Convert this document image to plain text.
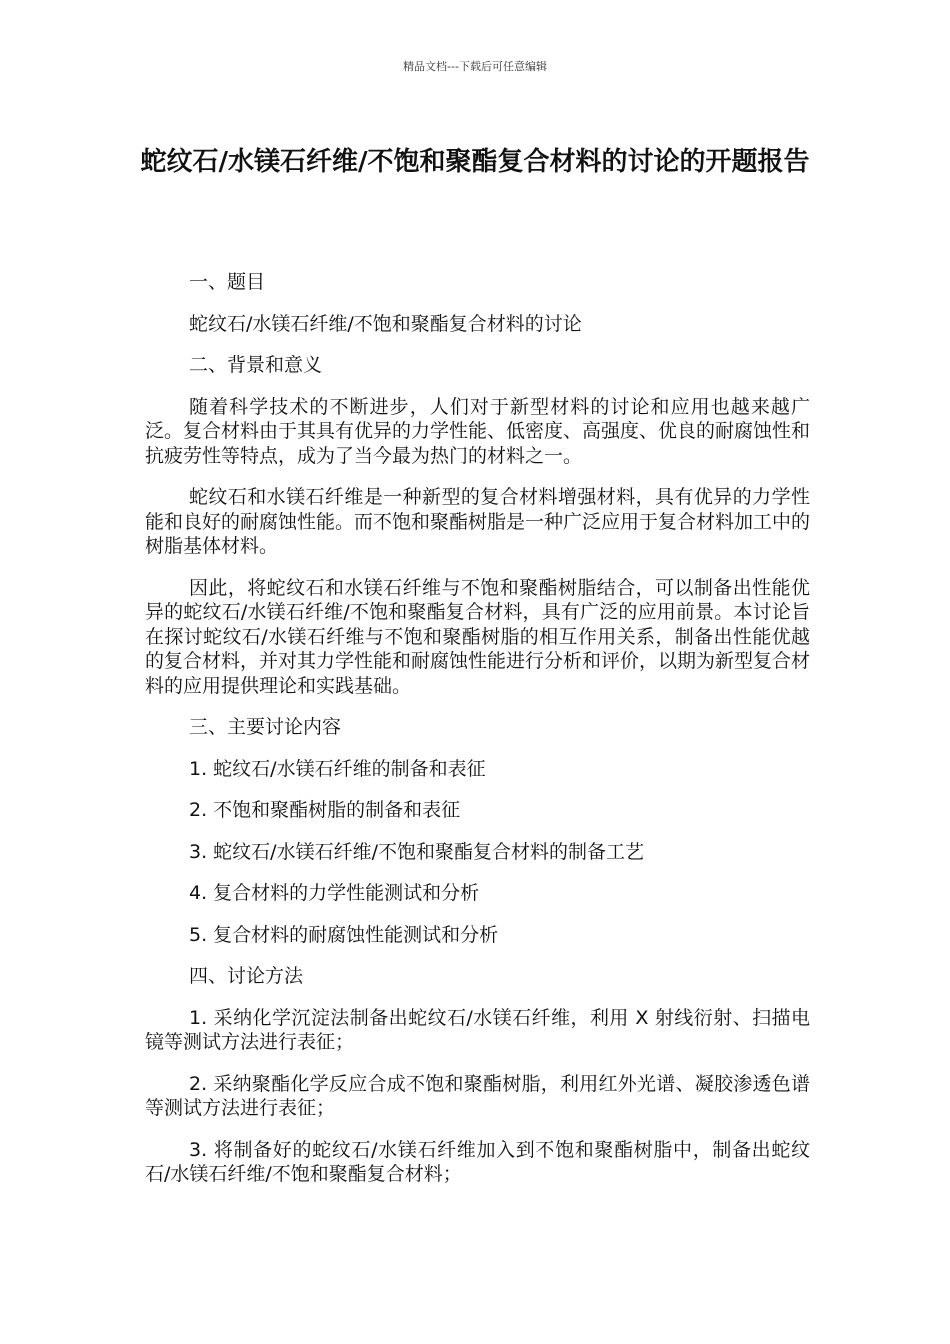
精品文档---下载后可任意编辑
蛇纹石/水镁石纤维/不饱和聚酯复合材料的讨论的开题报告

一、题目

蛇纹石/水镁石纤维/不饱和聚酯复合材料的讨论

二、背景和意义

随着科学技术的不断进步，人们对于新型材料的讨论和应用也越来越广泛。复合材料由于其具有优异的力学性能、低密度、高强度、优良的耐腐蚀性和抗疲劳性等特点，成为了当今最为热门的材料之一。

蛇纹石和水镁石纤维是一种新型的复合材料增强材料，具有优异的力学性能和良好的耐腐蚀性能。而不饱和聚酯树脂是一种广泛应用于复合材料加工中的树脂基体材料。

因此，将蛇纹石和水镁石纤维与不饱和聚酯树脂结合，可以制备出性能优异的蛇纹石/水镁石纤维/不饱和聚酯复合材料，具有广泛的应用前景。本讨论旨在探讨蛇纹石/水镁石纤维与不饱和聚酯树脂的相互作用关系，制备出性能优越的复合材料，并对其力学性能和耐腐蚀性能进行分析和评价，以期为新型复合材料的应用提供理论和实践基础。

三、主要讨论内容

1. 蛇纹石/水镁石纤维的制备和表征

2. 不饱和聚酯树脂的制备和表征

3. 蛇纹石/水镁石纤维/不饱和聚酯复合材料的制备工艺

4. 复合材料的力学性能测试和分析

5. 复合材料的耐腐蚀性能测试和分析

四、讨论方法

1. 采纳化学沉淀法制备出蛇纹石/水镁石纤维，利用 X 射线衍射、扫描电镜等测试方法进行表征；

2. 采纳聚酯化学反应合成不饱和聚酯树脂，利用红外光谱、凝胶渗透色谱等测试方法进行表征；

3. 将制备好的蛇纹石/水镁石纤维加入到不饱和聚酯树脂中，制备出蛇纹石/水镁石纤维/不饱和聚酯复合材料；
